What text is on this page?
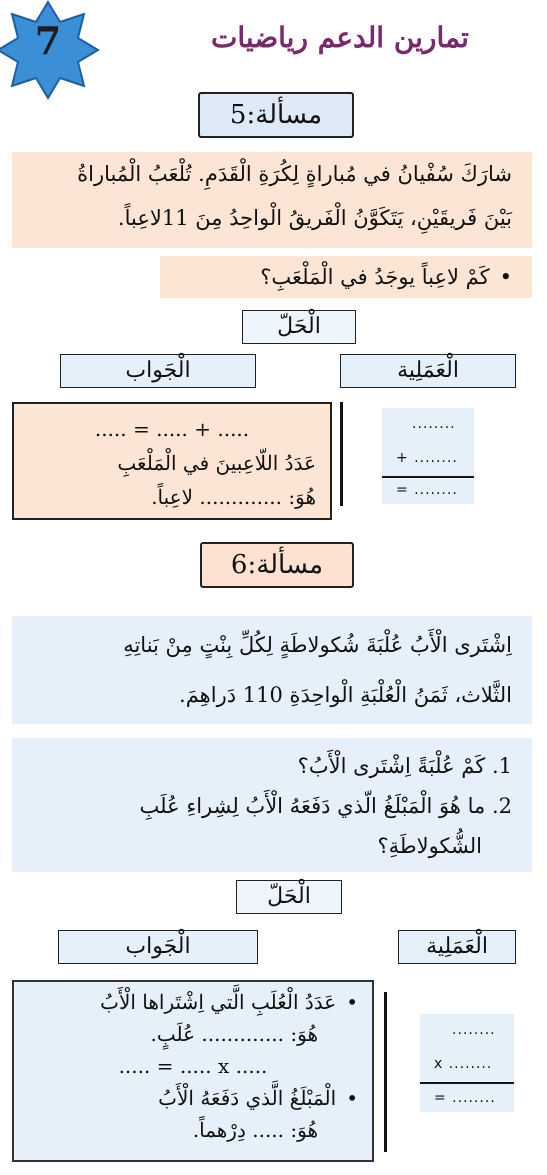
7	تمارين الدعم رياضيات
مسألة:5
شارَكَ سُفْيانُ في مُباراةٍ لِكُرَةِ الْقَدَمِ. تُلْعَبُ الْمُباراةُ
بَيْنَ فَريقَيْنِ، يَتَكَوَّنُ الْفَريقُ الْواحِدُ مِنَ 11لاعِباً.
• كَمْ لاعِباً يوجَدُ في الْمَلْعَبِ؟
الْحَلّ
الْجَواب	الْعَمَلِية
..... + ..... = .....
عَدَدُ اللّاعِبينَ في الْمَلْعَبِ
هُوَ: ............. لاعِباً.
........
+ ........
= ........
مسألة:6
اِشْتَرى الْأَبُ عُلْبَةَ شُكولاطَةٍ لِكُلِّ بِنْتٍ مِنْ بَناتِهِ
الثَّلاث، ثَمَنُ الْعُلْبَةِ الْواحِدَةِ 110 دَراهِمَ.
1. كَمْ عُلْبَةً اِشْتَرى الْأَبُ؟
2. ما هُوَ الْمَبْلَغُ الّذي دَفَعَهُ الْأَبُ لِشِراءِ عُلَبِ
الشُّكولاطَةِ؟
الْحَلّ
الْجَواب	الْعَمَلِية
• عَدَدُ الْعُلَبِ الَّتي اِشْتَراها الْأَبُ
هُوَ: ............. عُلَبٍ.
..... x ..... = .....
• الْمَبْلَغُ الَّذي دَفَعَهُ الْأَبُ
هُوَ: ..... دِرْهماً.
........
x ........
= ........
